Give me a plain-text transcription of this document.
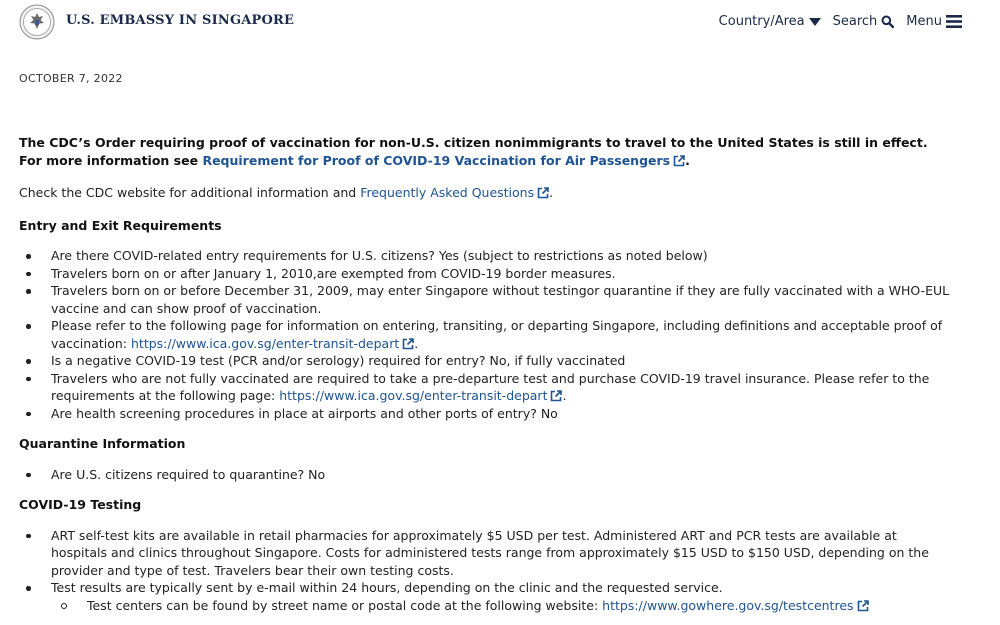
U.S. EMBASSY IN SINGAPORE	Country/Area Search Menu
OCTOBER 7, 2022

The CDC’s Order requiring proof of vaccination for non-U.S. citizen nonimmigrants to travel to the United States is still in effect. For more information see Requirement for Proof of COVID-19 Vaccination for Air Passengers .

Check the CDC website for additional information and Frequently Asked Questions .

Entry and Exit Requirements
Are there COVID-related entry requirements for U.S. citizens? Yes (subject to restrictions as noted below)
Travelers born on or after January 1, 2010,are exempted from COVID-19 border measures.
Travelers born on or before December 31, 2009, may enter Singapore without testingor quarantine if they are fully vaccinated with a WHO-EUL vaccine and can show proof of vaccination.
Please refer to the following page for information on entering, transiting, or departing Singapore, including definitions and acceptable proof of vaccination: https://www.ica.gov.sg/enter-transit-depart .
Is a negative COVID-19 test (PCR and/or serology) required for entry? No, if fully vaccinated
Travelers who are not fully vaccinated are required to take a pre-departure test and purchase COVID-19 travel insurance. Please refer to the requirements at the following page: https://www.ica.gov.sg/enter-transit-depart .
Are health screening procedures in place at airports and other ports of entry? No
Quarantine Information
Are U.S. citizens required to quarantine? No
COVID-19 Testing
ART self-test kits are available in retail pharmacies for approximately $5 USD per test. Administered ART and PCR tests are available at hospitals and clinics throughout Singapore. Costs for administered tests range from approximately $15 USD to $150 USD, depending on the provider and type of test. Travelers bear their own testing costs.
Test results are typically sent by e-mail within 24 hours, depending on the clinic and the requested service.
Test centers can be found by street name or postal code at the following website: https://www.gowhere.gov.sg/testcentres
